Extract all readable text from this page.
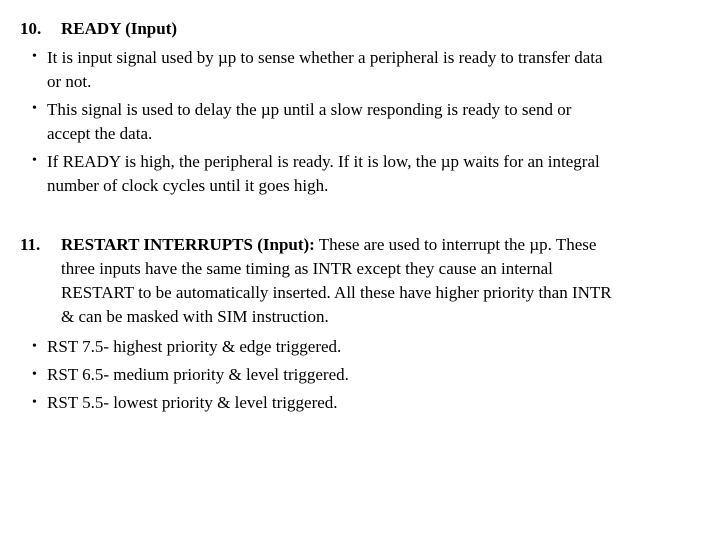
10. READY (Input)
• It is input signal used by µp to sense whether a peripheral is ready to transfer data
or not.
• This signal is used to delay the µp until a slow responding is ready to send or
accept the data.
• If READY is high, the peripheral is ready. If it is low, the µp waits for an integral
number of clock cycles until it goes high.
11. RESTART INTERRUPTS (Input): These are used to interrupt the µp. These
three inputs have the same timing as INTR except they cause an internal
RESTART to be automatically inserted. All these have higher priority than INTR
& can be masked with SIM instruction.
• RST 7.5- highest priority & edge triggered.
• RST 6.5- medium priority & level triggered.
• RST 5.5- lowest priority & level triggered.
